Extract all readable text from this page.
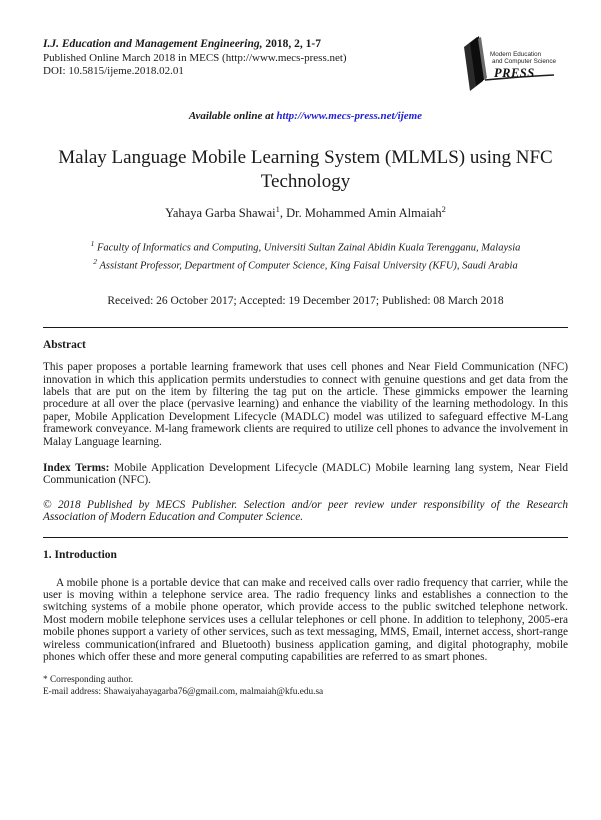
I.J. Education and Management Engineering, 2018, 2, 1-7
Published Online March 2018 in MECS (http://www.mecs-press.net)
DOI: 10.5815/ijeme.2018.02.01
Modern Education
and Computer Science
PRESS
Available online at http://www.mecs-press.net/ijeme
Malay Language Mobile Learning System (MLMLS) using NFC Technology
Yahaya Garba Shawai$^1$, Dr. Mohammed Amin Almaiah$^2$
$^1$ Faculty of Informatics and Computing, Universiti Sultan Zainal Abidin Kuala Terengganu, Malaysia
$^2$ Assistant Professor, Department of Computer Science, King Faisal University (KFU), Saudi Arabia
Received: 26 October 2017; Accepted: 19 December 2017; Published: 08 March 2018
Abstract

This paper proposes a portable learning framework that uses cell phones and Near Field Communication (NFC) innovation in which this application permits understudies to connect with genuine questions and get data from the labels that are put on the item by filtering the tag put on the article. These gimmicks empower the learning procedure at all over the place (pervasive learning) and enhance the viability of the learning methodology. In this paper, Mobile Application Development Lifecycle (MADLC) model was utilized to safeguard effective M-Lang framework conveyance. M-lang framework clients are required to utilize cell phones to advance the involvement in Malay Language learning.

Index Terms: Mobile Application Development Lifecycle (MADLC) Mobile learning lang system, Near Field Communication (NFC).

© 2018 Published by MECS Publisher. Selection and/or peer review under responsibility of the Research Association of Modern Education and Computer Science.

1. Introduction

A mobile phone is a portable device that can make and received calls over radio frequency that carrier, while the user is moving within a telephone service area. The radio frequency links and establishes a connection to the switching systems of a mobile phone operator, which provide access to the public switched telephone network. Most modern mobile telephone services uses a cellular telephones or cell phone. In addition to telephony, 2005-era mobile phones support a variety of other services, such as text messaging, MMS, Email, internet access, short-range wireless communication(infrared and Bluetooth) business application gaming, and digital photography, mobile phones which offer these and more general computing capabilities are referred to as smart phones.

* Corresponding author.
E-mail address: Shawaiyahayagarba76@gmail.com, malmaiah@kfu.edu.sa
